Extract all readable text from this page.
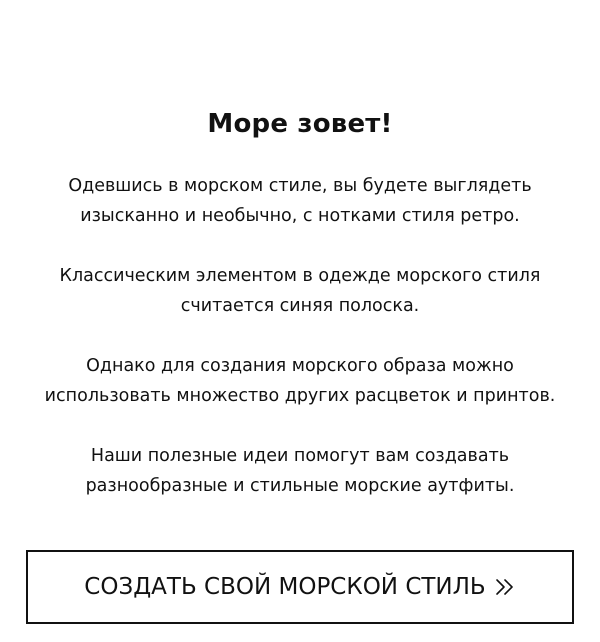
Море зовет!

Одевшись в морском стиле, вы будете выглядеть
изысканно и необычно, с нотками стиля ретро.

Классическим элементом в одежде морского стиля
считается синяя полоска.

Однако для создания морского образа можно
использовать множество других расцветок и принтов.

Наши полезные идеи помогут вам создавать
разнообразные и стильные морские аутфиты.

СОЗДАТЬ СВОЙ МОРСКОЙ СТИЛЬ
